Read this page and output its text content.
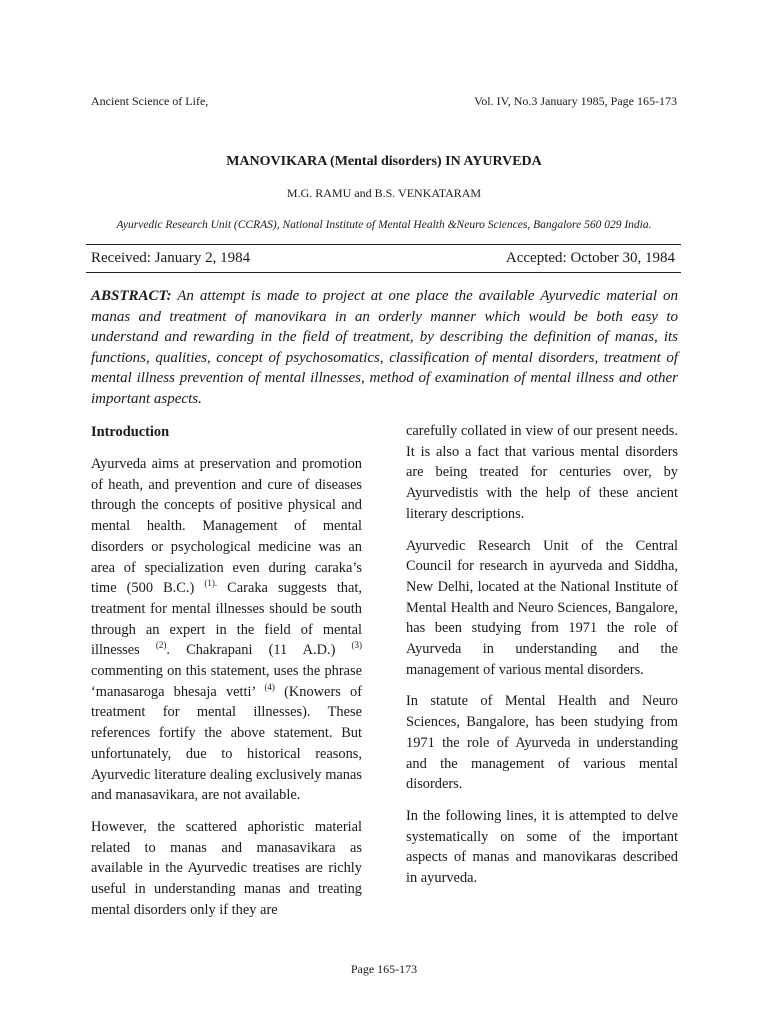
Ancient Science of Life,	Vol. IV, No.3 January 1985, Page 165-173
MANOVIKARA (Mental disorders) IN AYURVEDA
M.G. RAMU and B.S. VENKATARAM
Ayurvedic Research Unit (CCRAS), National Institute of Mental Health &Neuro Sciences, Bangalore 560 029 India.
Received: January 2, 1984	Accepted: October 30, 1984
ABSTRACT: An attempt is made to project at one place the available Ayurvedic material on manas and treatment of manovikara in an orderly manner which would be both easy to understand and rewarding in the field of treatment, by describing the definition of manas, its functions, qualities, concept of psychosomatics, classification of mental disorders, treatment of mental illness prevention of mental illnesses, method of examination of mental illness and other important aspects.
Introduction

Ayurveda aims at preservation and promotion of heath, and prevention and cure of diseases through the concepts of positive physical and mental health. Management of mental disorders or psychological medicine was an area of specialization even during caraka’s time (500 B.C.) $^{(1).}$ Caraka suggests that, treatment for mental illnesses should be south through an expert in the field of mental illnesses $^{(2)}$. Chakrapani (11 A.D.) $^{(3)}$ commenting on this statement, uses the phrase ‘manasaroga bhesaja vetti’ $^{(4)}$ (Knowers of treatment for mental illnesses). These references fortify the above statement. But unfortunately, due to historical reasons, Ayurvedic literature dealing exclusively manas and manasavikara, are not available.

However, the scattered aphoristic material related to manas and manasavikara as available in the Ayurvedic treatises are richly useful in understanding manas and treating mental disorders only if they are

carefully collated in view of our present needs. It is also a fact that various mental disorders are being treated for centuries over, by Ayurvedistis with the help of these ancient literary descriptions.

Ayurvedic Research Unit of the Central Council for research in ayurveda and Siddha, New Delhi, located at the National Institute of Mental Health and Neuro Sciences, Bangalore, has been studying from 1971 the role of Ayurveda in understanding and the management of various mental disorders.

In statute of Mental Health and Neuro Sciences, Bangalore, has been studying from 1971 the role of Ayurveda in understanding and the management of various mental disorders.

In the following lines, it is attempted to delve systematically on some of the important aspects of manas and manovikaras described in ayurveda.

Page 165-173
